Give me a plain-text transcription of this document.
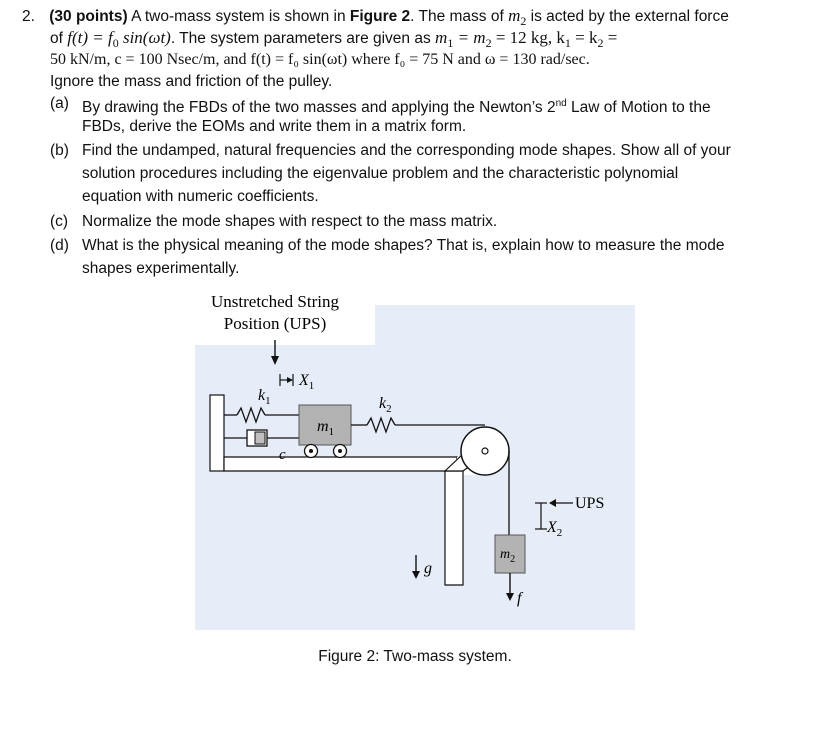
2. (30 points) A two-mass system is shown in Figure 2. The mass of $m_2$ is acted by the external force
of $f(t) = f_0$ sin(ωt). The system parameters are given as $m_1 = m_2 = 12$ kg, $k_1 = k_2$ =
50 kN/m, c = 100 Nsec/m, and f(t) = f₀ sin(ωt) where f₀ = 75 N and ω = 130 rad/sec.
Ignore the mass and friction of the pulley.
(a) By drawing the FBDs of the two masses and applying the Newton’s 2nd Law of Motion to the
FBDs, derive the EOMs and write them in a matrix form.
(b) Find the undamped, natural frequencies and the corresponding mode shapes. Show all of your
solution procedures including the eigenvalue problem and the characteristic polynomial
equation with numeric coefficients.
(c) Normalize the mode shapes with respect to the mass matrix.
(d) What is the physical meaning of the mode shapes? That is, explain how to measure the mode
shapes experimentally.
Unstretched String
Position (UPS)
$X_1$
$k_1$
c
$m_1$
$k_2$
$m_2$
f
g
UPS
$X_2$
Figure 2: Two-mass system.
